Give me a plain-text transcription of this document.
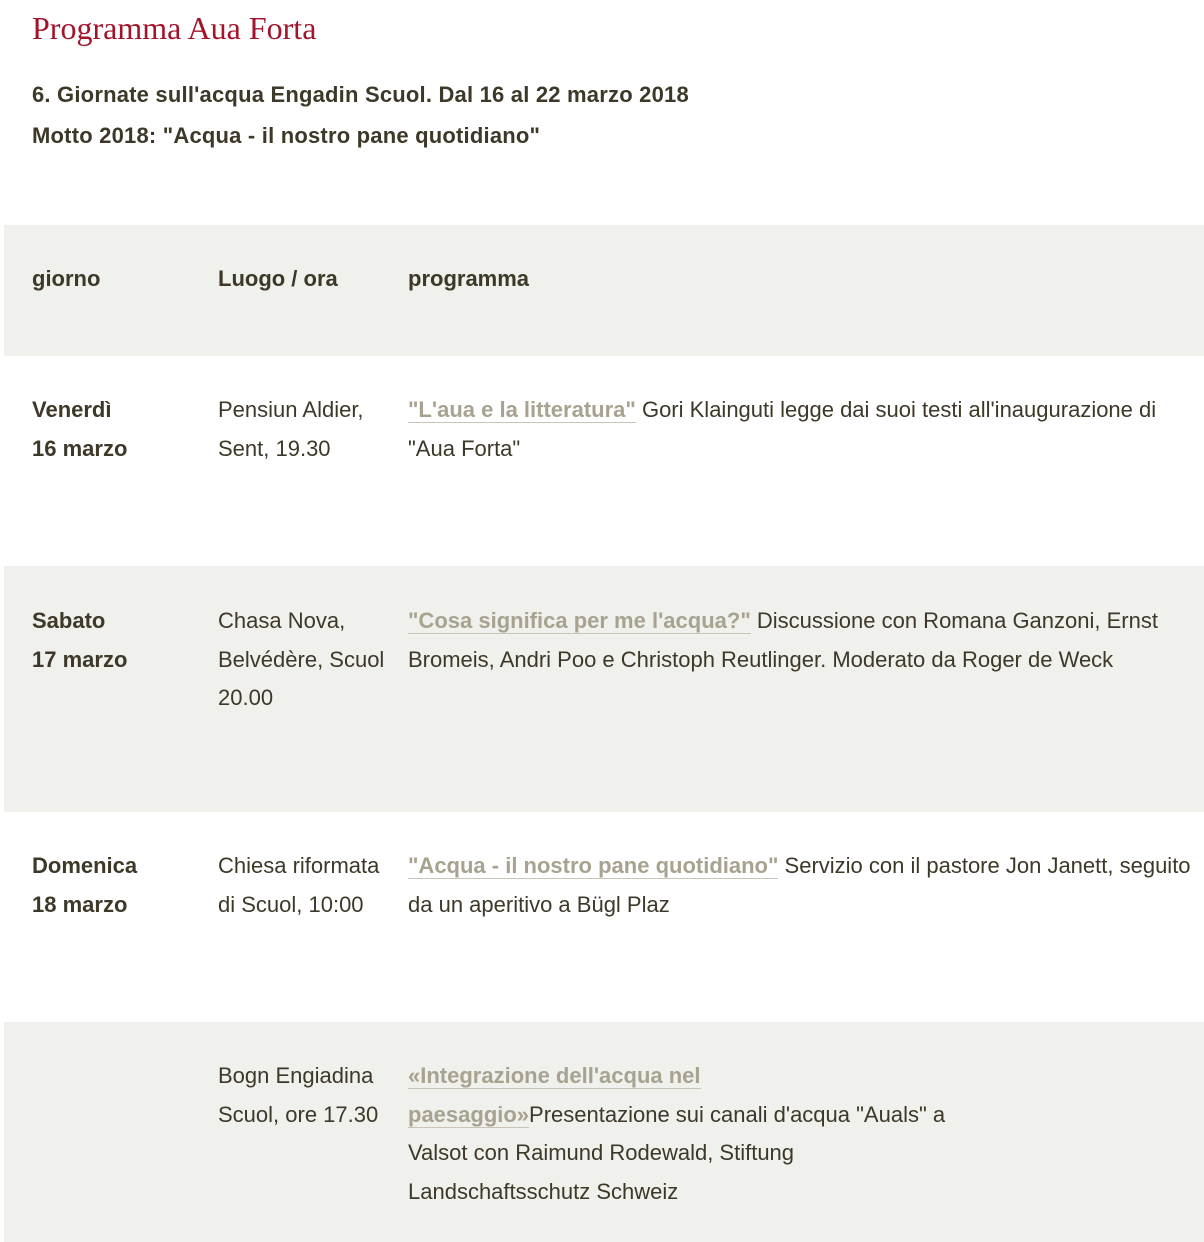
Programma Aua Forta

6. Giornate sull'acqua Engadin Scuol. Dal 16 al 22 marzo 2018

Motto 2018: "Acqua - il nostro pane quotidiano"

giorno	Luogo / ora	programma
Venerdì
16 marzo
Pensiun Aldier, Sent, 19.30
"L'aua e la litteratura" Gori Klainguti legge dai suoi testi all'inaugurazione di "Aua Forta"
Sabato
17 marzo
Chasa Nova, Belvédère, Scuol 20.00
"Cosa significa per me l'acqua?" Discussione con Romana Ganzoni, Ernst Bromeis, Andri Poo e Christoph Reutlinger. Moderato da Roger de Weck
Domenica
18 marzo
Chiesa riformata di Scuol, 10:00
"Acqua - il nostro pane quotidiano" Servizio con il pastore Jon Janett, seguito da un aperitivo a Bügl Plaz
Bogn Engiadina Scuol, ore 17.30
«Integrazione dell'acqua nel paesaggio»Presentazione sui canali d'acqua "Auals" a Valsot con Raimund Rodewald, Stiftung Landschaftsschutz Schweiz
